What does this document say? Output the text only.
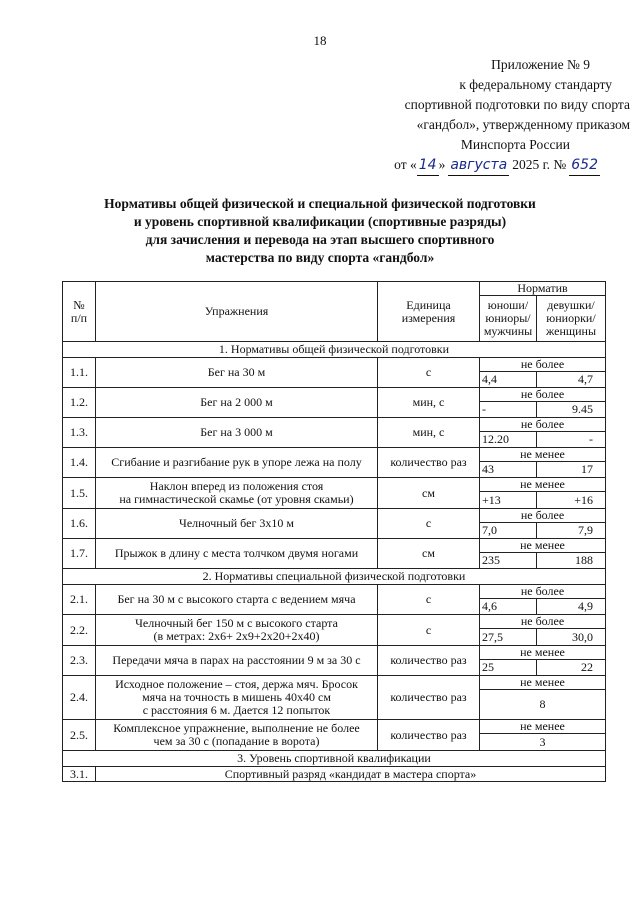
18
Приложение № 9
к федеральному стандарту
спортивной подготовки по виду спорта
«гандбол», утвержденному приказом
Минспорта России
от « 14 » августа 2025 г. № 652
Нормативы общей физической и специальной физической подготовки
и уровень спортивной квалификации (спортивные разряды)
для зачисления и перевода на этап высшего спортивного
мастерства по виду спорта «гандбол»
№
п/п	Упражнения	Единица
измерения	Норматив	
			юноши/
юниоры/
мужчины	девушки/
юниорки/
женщины
1. Нормативы общей физической подготовки				
1.1.	Бег на 30 м	с	не более	
			4,4	4,7
1.2.	Бег на 2 000 м	мин, с	не более	
			-	9.45
1.3.	Бег на 3 000 м	мин, с	не более	
			12.20	-
1.4.	Сгибание и разгибание рук в упоре лежа на полу	количество раз	не менее	
			43	17
1.5.	Наклон вперед из положения стоя
на гимнастической скамье (от уровня скамьи)	см	не менее	
			+13	+16
1.6.	Челночный бег 3x10 м	с	не более	
			7,0	7,9
1.7.	Прыжок в длину с места толчком двумя ногами	см	не менее	
			235	188
2. Нормативы специальной физической подготовки				
2.1.	Бег на 30 м с высокого старта с ведением мяча	с	не более	
			4,6	4,9
2.2.	Челночный бег 150 м с высокого старта
(в метрах: 2x6+ 2x9+2x20+2x40)	с	не более	
			27,5	30,0
2.3.	Передачи мяча в парах на расстоянии 9 м за 30 с	количество раз	не менее	
			25	22
2.4.	Исходное положение – стоя, держа мяч. Бросок
мяча на точность в мишень 40x40 см
с расстояния 6 м. Дается 12 попыток	количество раз	не менее	
			8	
2.5.	Комплексное упражнение, выполнение не более
чем за 30 с (попадание в ворота)	количество раз	не менее	
			3	
3. Уровень спортивной квалификации				
3.1.	Спортивный разряд «кандидат в мастера спорта»			
